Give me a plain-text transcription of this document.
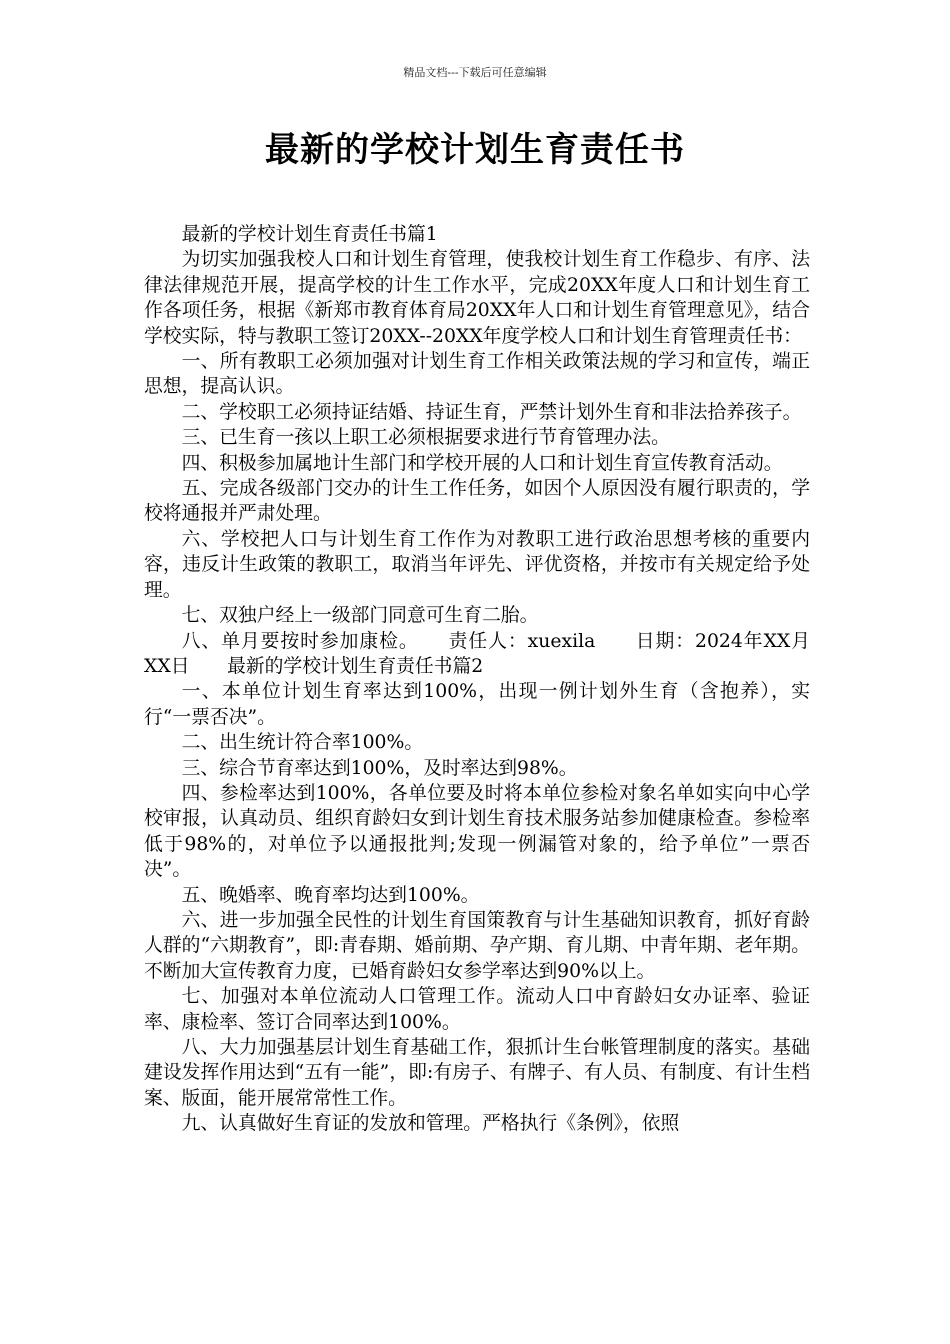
精品文档---下载后可任意编辑
最新的学校计划生育责任书

最新的学校计划生育责任书篇1

为切实加强我校人口和计划生育管理，使我校计划生育工作稳步、有序、法律法律规范开展，提高学校的计生工作水平，完成20XX年度人口和计划生育工作各项任务，根据《新郑市教育体育局20XX年人口和计划生育管理意见》，结合学校实际，特与教职工签订20XX--20XX年度学校人口和计划生育管理责任书：

一、所有教职工必须加强对计划生育工作相关政策法规的学习和宣传，端正思想，提高认识。

二、学校职工必须持证结婚、持证生育，严禁计划外生育和非法拾养孩子。

三、已生育一孩以上职工必须根据要求进行节育管理办法。

四、积极参加属地计生部门和学校开展的人口和计划生育宣传教育活动。

五、完成各级部门交办的计生工作任务，如因个人原因没有履行职责的，学校将通报并严肃处理。

六、学校把人口与计划生育工作作为对教职工进行政治思想考核的重要内容，违反计生政策的教职工，取消当年评先、评优资格，并按市有关规定给予处理。

七、双独户经上一级部门同意可生育二胎。

八、单月要按时参加康检。　　责任人：xuexila　　日期：2024年XX月XX日　　最新的学校计划生育责任书篇2

一、本单位计划生育率达到100%，出现一例计划外生育（含抱养），实行“一票否决”。

二、出生统计符合率100%。

三、综合节育率达到100%，及时率达到98%。

四、参检率达到100%，各单位要及时将本单位参检对象名单如实向中心学校审报，认真动员、组织育龄妇女到计划生育技术服务站参加健康检查。参检率低于98%的，对单位予以通报批判;发现一例漏管对象的，给予单位”一票否决”。

五、晚婚率、晚育率均达到100%。

六、进一步加强全民性的计划生育国策教育与计生基础知识教育，抓好育龄人群的“六期教育”，即:青春期、婚前期、孕产期、育儿期、中青年期、老年期。不断加大宣传教育力度，已婚育龄妇女参学率达到90%以上。

七、加强对本单位流动人口管理工作。流动人口中育龄妇女办证率、验证率、康检率、签订合同率达到100%。

八、大力加强基层计划生育基础工作，狠抓计生台帐管理制度的落实。基础建设发挥作用达到“五有一能”，即:有房子、有牌子、有人员、有制度、有计生档案、版面，能开展常常性工作。

九、认真做好生育证的发放和管理。严格执行《条例》，依照
